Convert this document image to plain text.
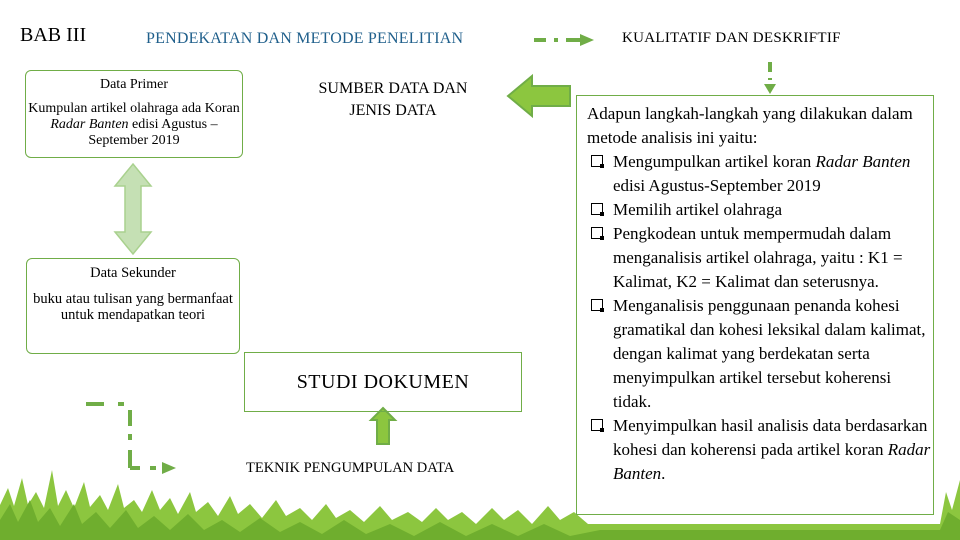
BAB III	PENDEKATAN DAN METODE PENELITIAN	KUALITATIF DAN DESKRIFTIF
Data Primer
Kumpulan artikel olahraga ada Koran Radar Banten edisi Agustus – September 2019
Data Sekunder
buku atau tulisan yang bermanfaat untuk mendapatkan teori
SUMBER DATA DAN JENIS DATA
STUDI DOKUMEN
TEKNIK PENGUMPULAN DATA
Adapun langkah-langkah yang dilakukan dalam metode analisis ini yaitu:
Mengumpulkan artikel koran Radar Banten edisi Agustus-September 2019
Memilih artikel olahraga
Pengkodean untuk mempermudah dalam menganalisis artikel olahraga, yaitu : K1 = Kalimat, K2 = Kalimat dan seterusnya.
Menganalisis penggunaan penanda kohesi gramatikal dan kohesi leksikal dalam kalimat, dengan kalimat yang berdekatan serta menyimpulkan artikel tersebut koherensi tidak.
Menyimpulkan hasil analisis data berdasarkan kohesi dan koherensi pada artikel koran Radar Banten.
